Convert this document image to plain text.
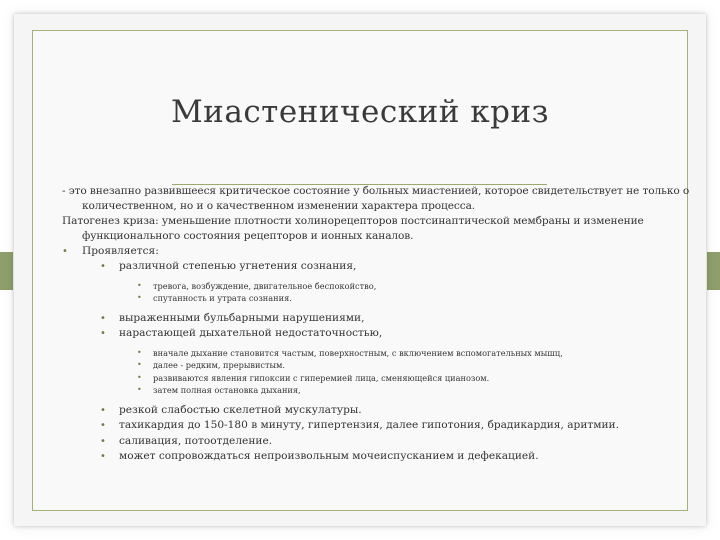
Миастенический криз

- это внезапно развившееся критическое состояние у больных миастенией, которое свидетельствует не только о количественном, но и о качественном изменении характера процесса.

Патогенез криза: уменьшение плотности холинорецепторов постсинаптической мембраны и изменение функционального состояния рецепторов и ионных каналов.

• Проявляется:
• различной степенью угнетения сознания,
• тревога, возбуждение, двигательное беспокойство,
• спутанность и утрата сознания.
• выраженными бульбарными нарушениями,
• нарастающей дыхательной недостаточностью,
• вначале дыхание становится частым, поверхностным, с включением вспомогательных мышц,
• далее - редким, прерывистым.
• развиваются явления гипоксии с гиперемией лица, сменяющейся цианозом.
• затем полная остановка дыхания,
• резкой слабостью скелетной мускулатуры.
• тахикардия до 150-180 в минуту, гипертензия, далее гипотония, брадикардия, аритмии.
• саливация, потоотделение.
• может сопровождаться непроизвольным мочеиспусканием и дефекацией.
